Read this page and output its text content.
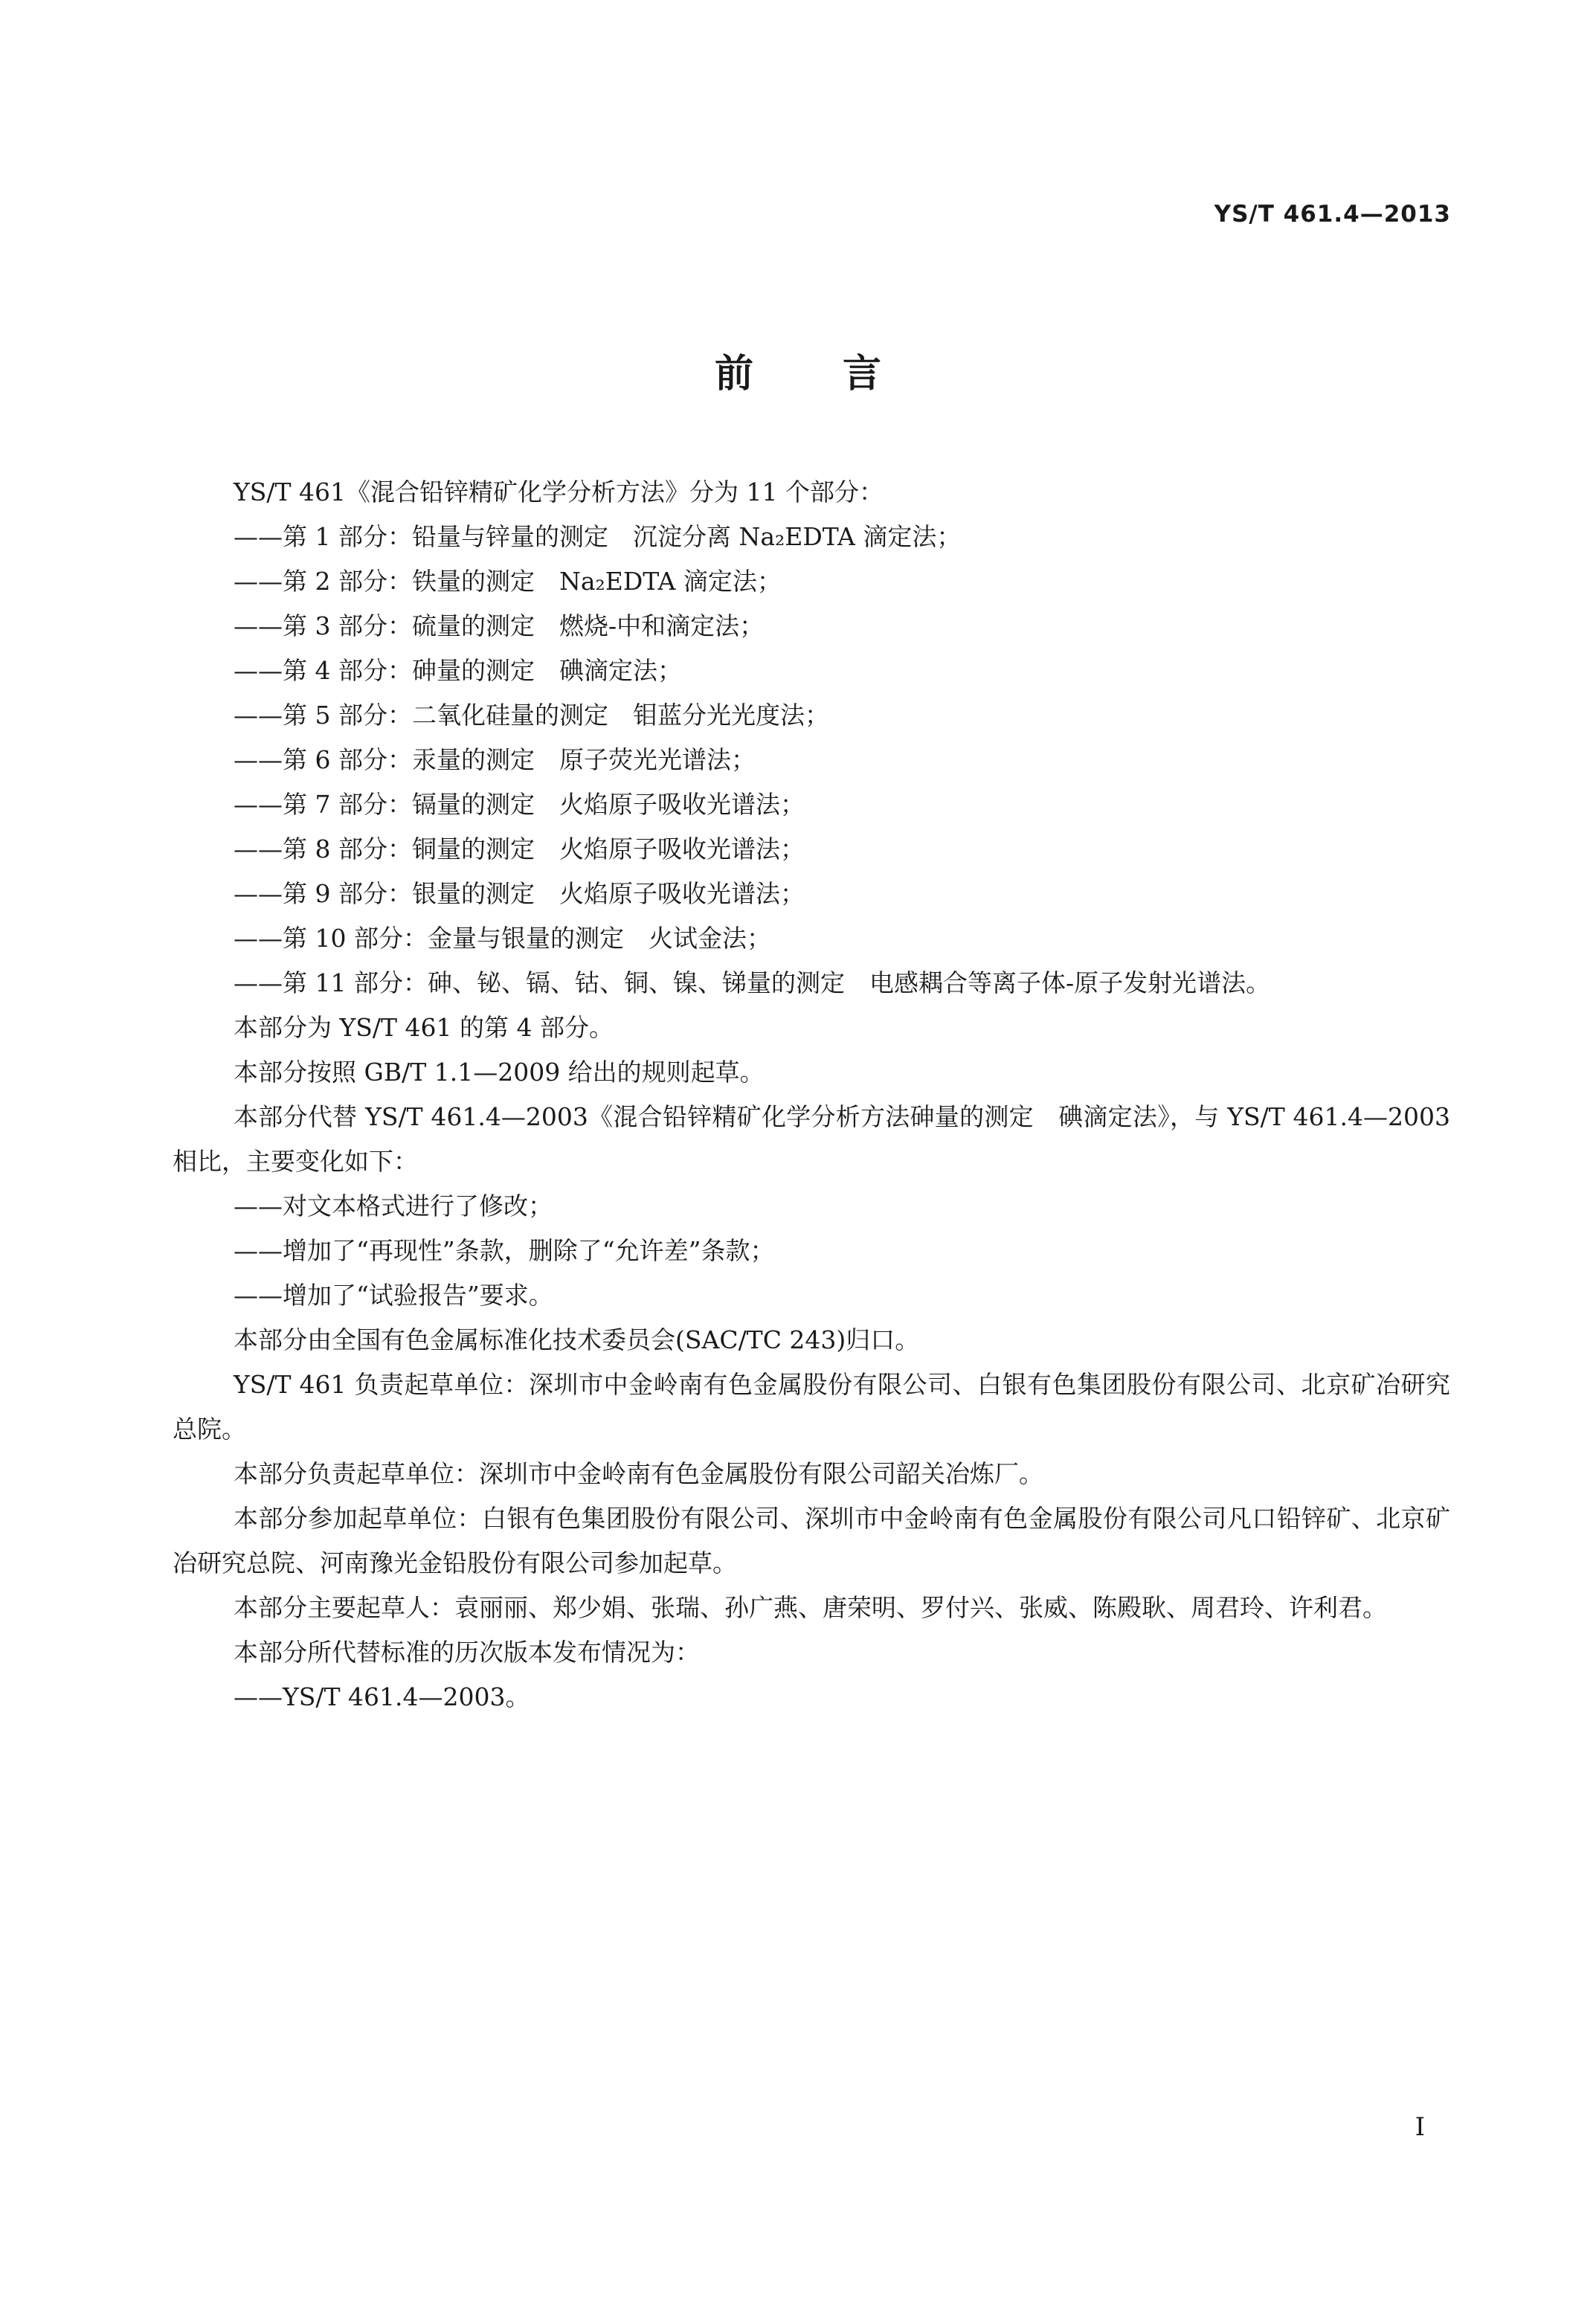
YS/T 461.4—2013
前言

YS/T 461《混合铅锌精矿化学分析方法》分为 11 个部分：

——第 1 部分：铅量与锌量的测定　沉淀分离 Na₂EDTA 滴定法；

——第 2 部分：铁量的测定　Na₂EDTA 滴定法；

——第 3 部分：硫量的测定　燃烧-中和滴定法；

——第 4 部分：砷量的测定　碘滴定法；

——第 5 部分：二氧化硅量的测定　钼蓝分光光度法；

——第 6 部分：汞量的测定　原子荧光光谱法；

——第 7 部分：镉量的测定　火焰原子吸收光谱法；

——第 8 部分：铜量的测定　火焰原子吸收光谱法；

——第 9 部分：银量的测定　火焰原子吸收光谱法；

——第 10 部分：金量与银量的测定　火试金法；

——第 11 部分：砷、铋、镉、钴、铜、镍、锑量的测定　电感耦合等离子体-原子发射光谱法。

本部分为 YS/T 461 的第 4 部分。

本部分按照 GB/T 1.1—2009 给出的规则起草。

本部分代替 YS/T 461.4—2003《混合铅锌精矿化学分析方法砷量的测定　碘滴定法》，与 YS/T 461.4—2003相比，主要变化如下：

——对文本格式进行了修改；

——增加了“再现性”条款，删除了“允许差”条款；

——增加了“试验报告”要求。

本部分由全国有色金属标准化技术委员会(SAC/TC 243)归口。

YS/T 461 负责起草单位：深圳市中金岭南有色金属股份有限公司、白银有色集团股份有限公司、北京矿冶研究总院。

本部分负责起草单位：深圳市中金岭南有色金属股份有限公司韶关冶炼厂。

本部分参加起草单位：白银有色集团股份有限公司、深圳市中金岭南有色金属股份有限公司凡口铅锌矿、北京矿冶研究总院、河南豫光金铅股份有限公司参加起草。

本部分主要起草人：袁丽丽、郑少娟、张瑞、孙广燕、唐荣明、罗付兴、张威、陈殿耿、周君玲、许利君。

本部分所代替标准的历次版本发布情况为：

——YS/T 461.4—2003。

I
